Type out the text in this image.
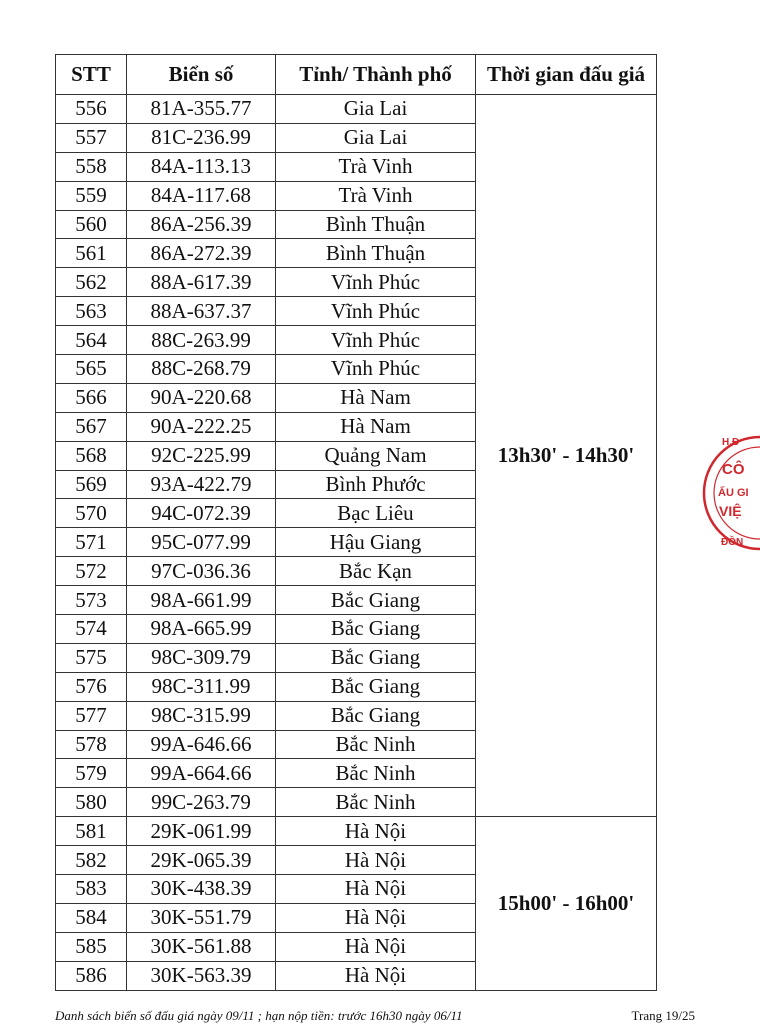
STT	Biển số	Tỉnh/ Thành phố	Thời gian đấu giá
556	81A-355.77	Gia Lai	13h30' - 14h30'
557	81C-236.99	Gia Lai	
558	84A-113.13	Trà Vinh	
559	84A-117.68	Trà Vinh	
560	86A-256.39	Bình Thuận	
561	86A-272.39	Bình Thuận	
562	88A-617.39	Vĩnh Phúc	
563	88A-637.37	Vĩnh Phúc	
564	88C-263.99	Vĩnh Phúc	
565	88C-268.79	Vĩnh Phúc	
566	90A-220.68	Hà Nam	
567	90A-222.25	Hà Nam	
568	92C-225.99	Quảng Nam	
569	93A-422.79	Bình Phước	
570	94C-072.39	Bạc Liêu	
571	95C-077.99	Hậu Giang	
572	97C-036.36	Bắc Kạn	
573	98A-661.99	Bắc Giang	
574	98A-665.99	Bắc Giang	
575	98C-309.79	Bắc Giang	
576	98C-311.99	Bắc Giang	
577	98C-315.99	Bắc Giang	
578	99A-646.66	Bắc Ninh	
579	99A-664.66	Bắc Ninh	
580	99C-263.79	Bắc Ninh	
581	29K-061.99	Hà Nội	15h00' - 16h00'
582	29K-065.39	Hà Nội	
583	30K-438.39	Hà Nội	
584	30K-551.79	Hà Nội	
585	30K-561.88	Hà Nội	
586	30K-563.39	Hà Nội	
Danh sách biển số đấu giá ngày 09/11 ; hạn nộp tiền: trước 16h30 ngày 06/11	Trang 19/25
H.Đ
CÔ
ẤU GI
VIỆ
ĐỒN
